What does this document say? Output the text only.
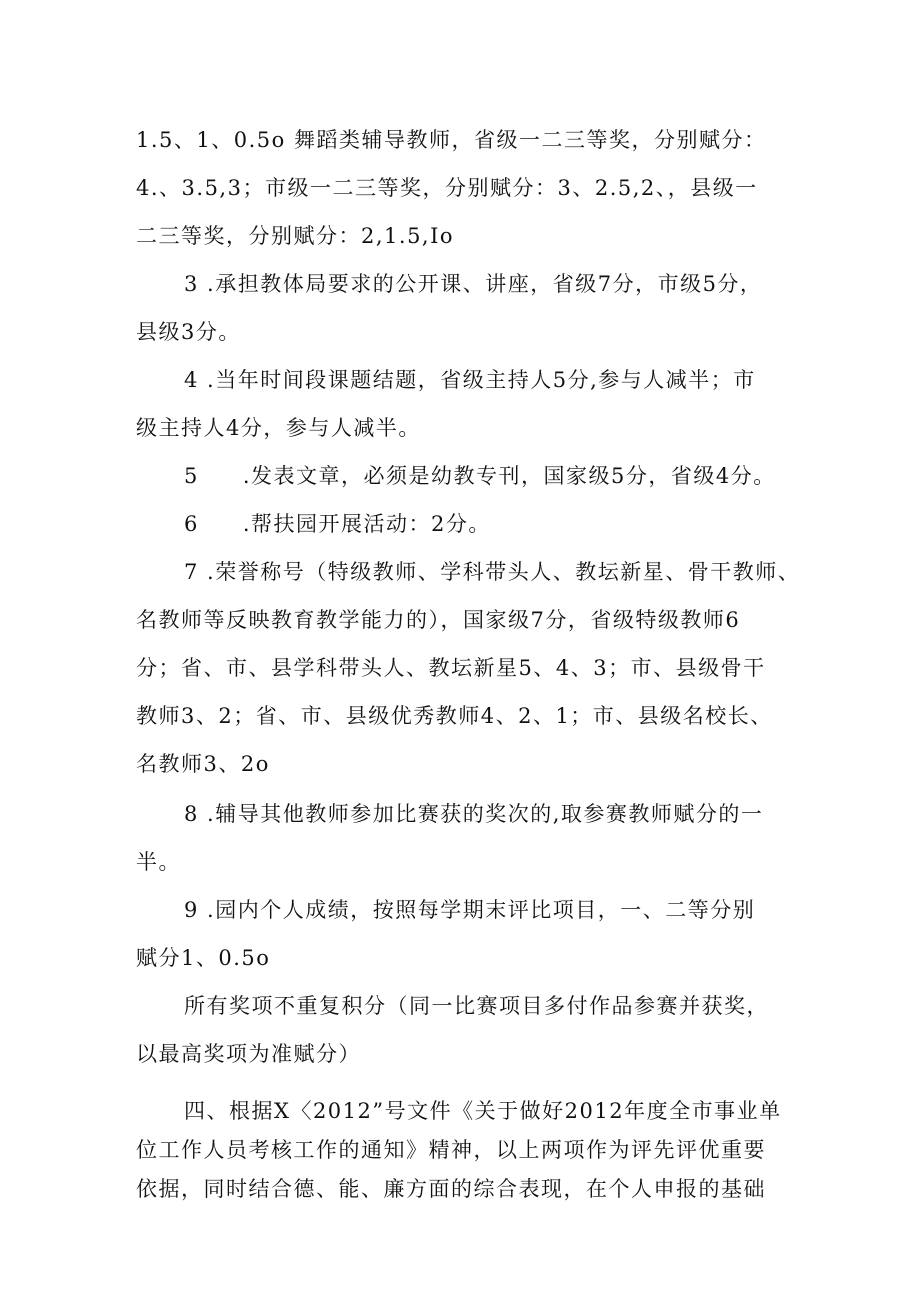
1.5、1、0.5o 舞蹈类辅导教师，省级一二三等奖，分别赋分：
4.、3.5,3；市级一二三等奖，分别赋分：3、2.5,2、，县级一
二三等奖，分别赋分：2,1.5,Io
3 .承担教体局要求的公开课、讲座，省级7分，市级5分，
县级3分。
4 .当年时间段课题结题，省级主持人5分,参与人减半；市
级主持人4分，参与人减半。
5 .发表文章，必须是幼教专刊，国家级5分，省级4分。
6 .帮扶园开展活动：2分。
7 .荣誉称号（特级教师、学科带头人、教坛新星、骨干教师、
名教师等反映教育教学能力的），国家级7分，省级特级教师6
分；省、市、县学科带头人、教坛新星5、4、3；市、县级骨干
教师3、2；省、市、县级优秀教师4、2、1；市、县级名校长、
名教师3、2o
8 .辅导其他教师参加比赛获的奖次的,取参赛教师赋分的一
半。
9 .园内个人成绩，按照每学期末评比项目，一、二等分别
赋分1、0.5o
所有奖项不重复积分（同一比赛项目多付作品参赛并获奖，
以最高奖项为准赋分）
四、根据X〈2012”号文件《关于做好2012年度全市事业单
位工作人员考核工作的通知》精神，以上两项作为评先评优重要
依据，同时结合德、能、廉方面的综合表现，在个人申报的基础
